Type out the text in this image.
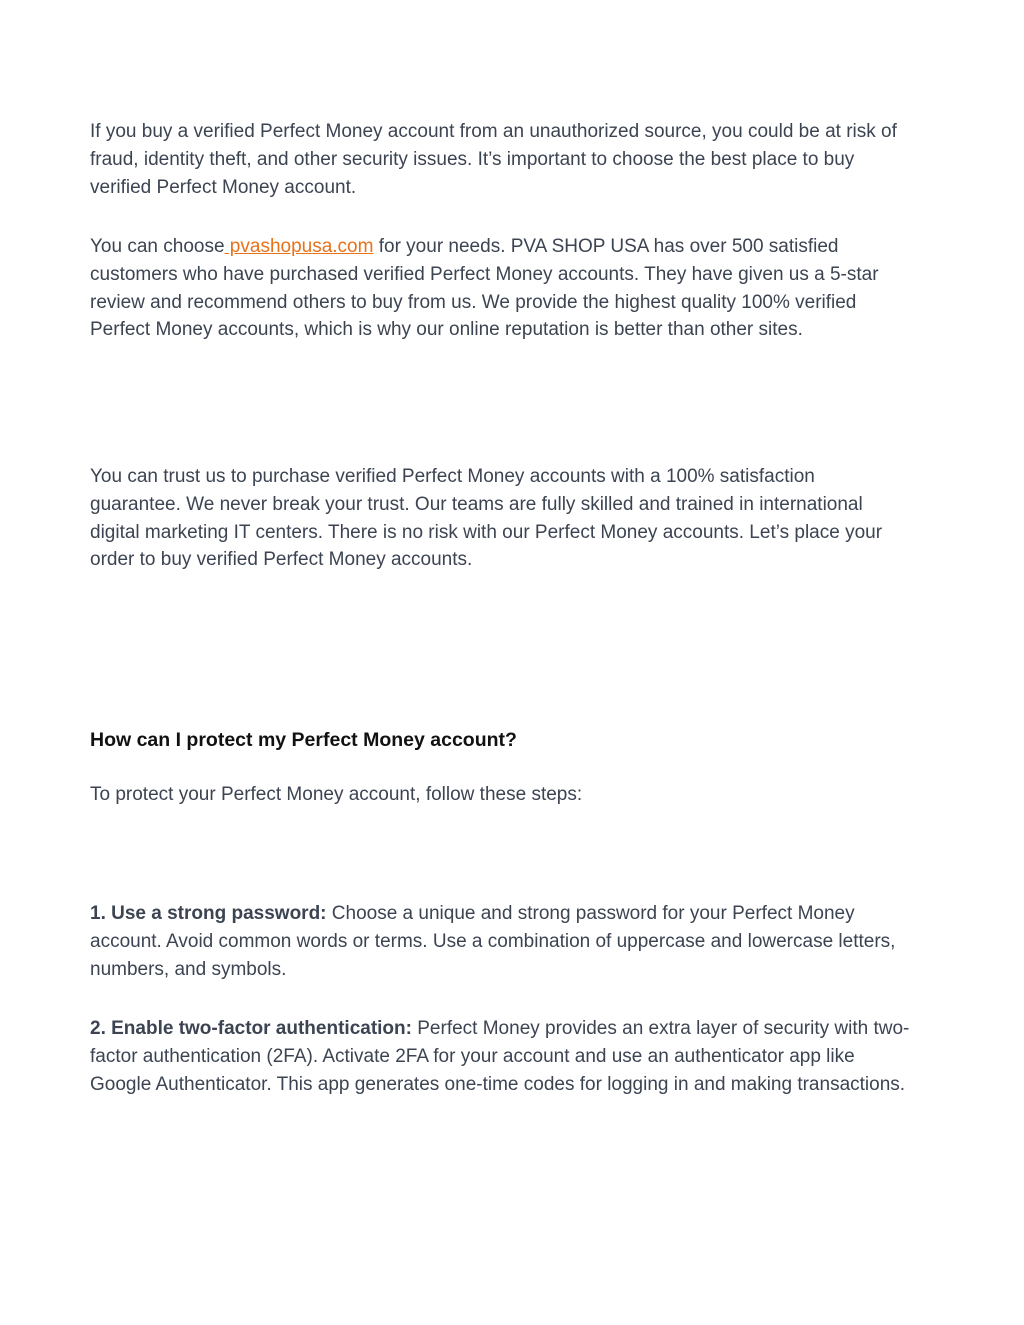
If you buy a verified Perfect Money account from an unauthorized source, you could be at risk of fraud, identity theft, and other security issues. It’s important to choose the best place to buy verified Perfect Money account.

You can choose pvashopusa.com for your needs. PVA SHOP USA has over 500 satisfied customers who have purchased verified Perfect Money accounts. They have given us a 5-star review and recommend others to buy from us. We provide the highest quality 100% verified Perfect Money accounts, which is why our online reputation is better than other sites.

You can trust us to purchase verified Perfect Money accounts with a 100% satisfaction guarantee. We never break your trust. Our teams are fully skilled and trained in international digital marketing IT centers. There is no risk with our Perfect Money accounts. Let’s place your order to buy verified Perfect Money accounts.

How can I protect my Perfect Money account?

To protect your Perfect Money account, follow these steps:

1. Use a strong password: Choose a unique and strong password for your Perfect Money account. Avoid common words or terms. Use a combination of uppercase and lowercase letters, numbers, and symbols.

2. Enable two-factor authentication: Perfect Money provides an extra layer of security with two-factor authentication (2FA). Activate 2FA for your account and use an authenticator app like Google Authenticator. This app generates one-time codes for logging in and making transactions.
